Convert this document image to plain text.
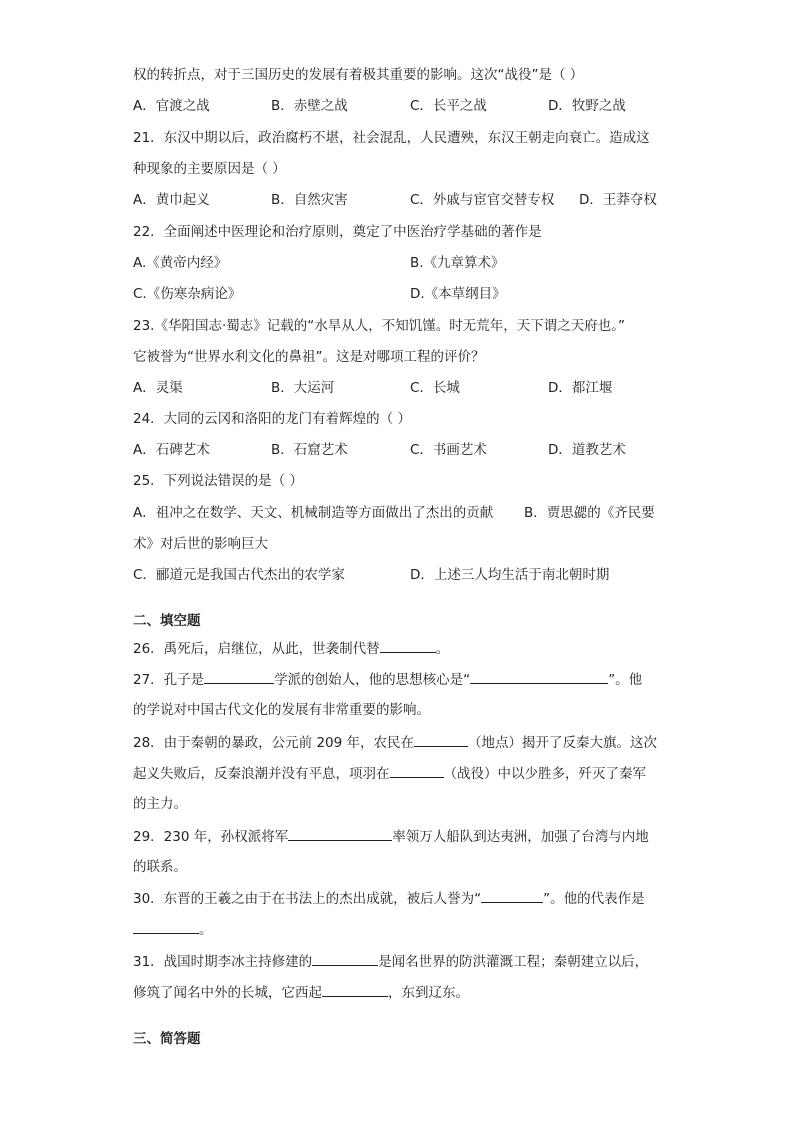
权的转折点，对于三国历史的发展有着极其重要的影响。这次“战役”是（ ）
A．官渡之战	B．赤壁之战	C．长平之战	D．牧野之战
21．东汉中期以后，政治腐朽不堪，社会混乱，人民遭殃，东汉王朝走向衰亡。造成这
种现象的主要原因是（ ）
A．黄巾起义	B．自然灾害	C．外戚与宦官交替专权 D．王莽夺权
22．全面阐述中医理论和治疗原则，奠定了中医治疗学基础的著作是
A.《黄帝内经》	B.《九章算术》
C.《伤寒杂病论》	D.《本草纲目》
23.《华阳国志·蜀志》记载的“水旱从人，不知饥馑。时无荒年，天下谓之天府也。”
它被誉为“世界水利文化的鼻祖”。这是对哪项工程的评价？
A．灵渠	B．大运河	C．长城	D．都江堰
24．大同的云冈和洛阳的龙门有着辉煌的（ ）
A．石碑艺术	B．石窟艺术	C．书画艺术	D．道教艺术
25．下列说法错误的是（ ）
A．祖冲之在数学、天文、机械制造等方面做出了杰出的贡献 B．贾思勰的《齐民要
术》对后世的影响巨大
C．郦道元是我国古代杰出的农学家	D．上述三人均生活于南北朝时期
二、填空题
26．禹死后，启继位，从此，世袭制代替	。
27．孔子是	学派的创始人，他的思想核心是“	”。他
的学说对中国古代文化的发展有非常重要的影响。
28．由于秦朝的暴政，公元前 209 年，农民在	（地点）揭开了反秦大旗。这次
起义失败后，反秦浪潮并没有平息，项羽在	（战役）中以少胜多，歼灭了秦军
的主力。
29．230 年，孙权派将军	率领万人船队到达夷洲，加强了台湾与内地
的联系。
30．东晋的王羲之由于在书法上的杰出成就，被后人誉为“	”。他的代表作是
。
31．战国时期李冰主持修建的	是闻名世界的防洪灌溉工程；秦朝建立以后，
修筑了闻名中外的长城，它西起	，东到辽东。
三、简答题
